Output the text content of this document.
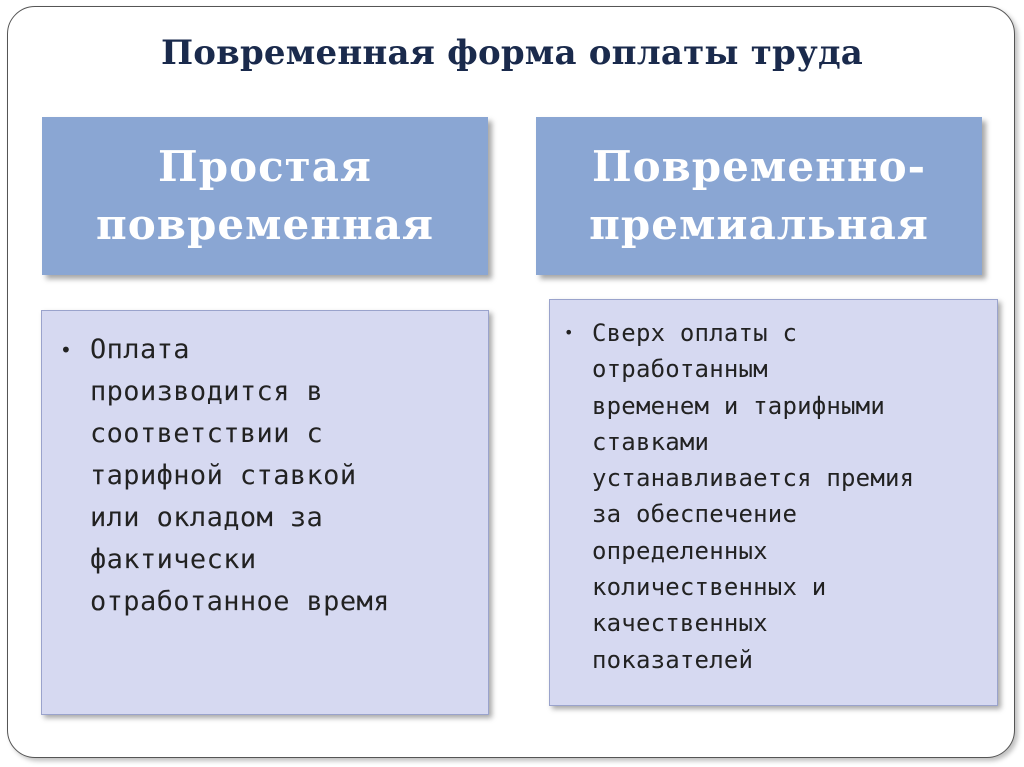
Повременная форма оплаты труда
Простая
повременная
Повременно-
премиальная
• Оплата
производится в
соответствии с
тарифной ставкой
или окладом за
фактически
отработанное время
• Сверх оплаты с
отработанным
временем и тарифными
ставками
устанавливается премия
за обеспечение
определенных
количественных и
качественных
показателей
